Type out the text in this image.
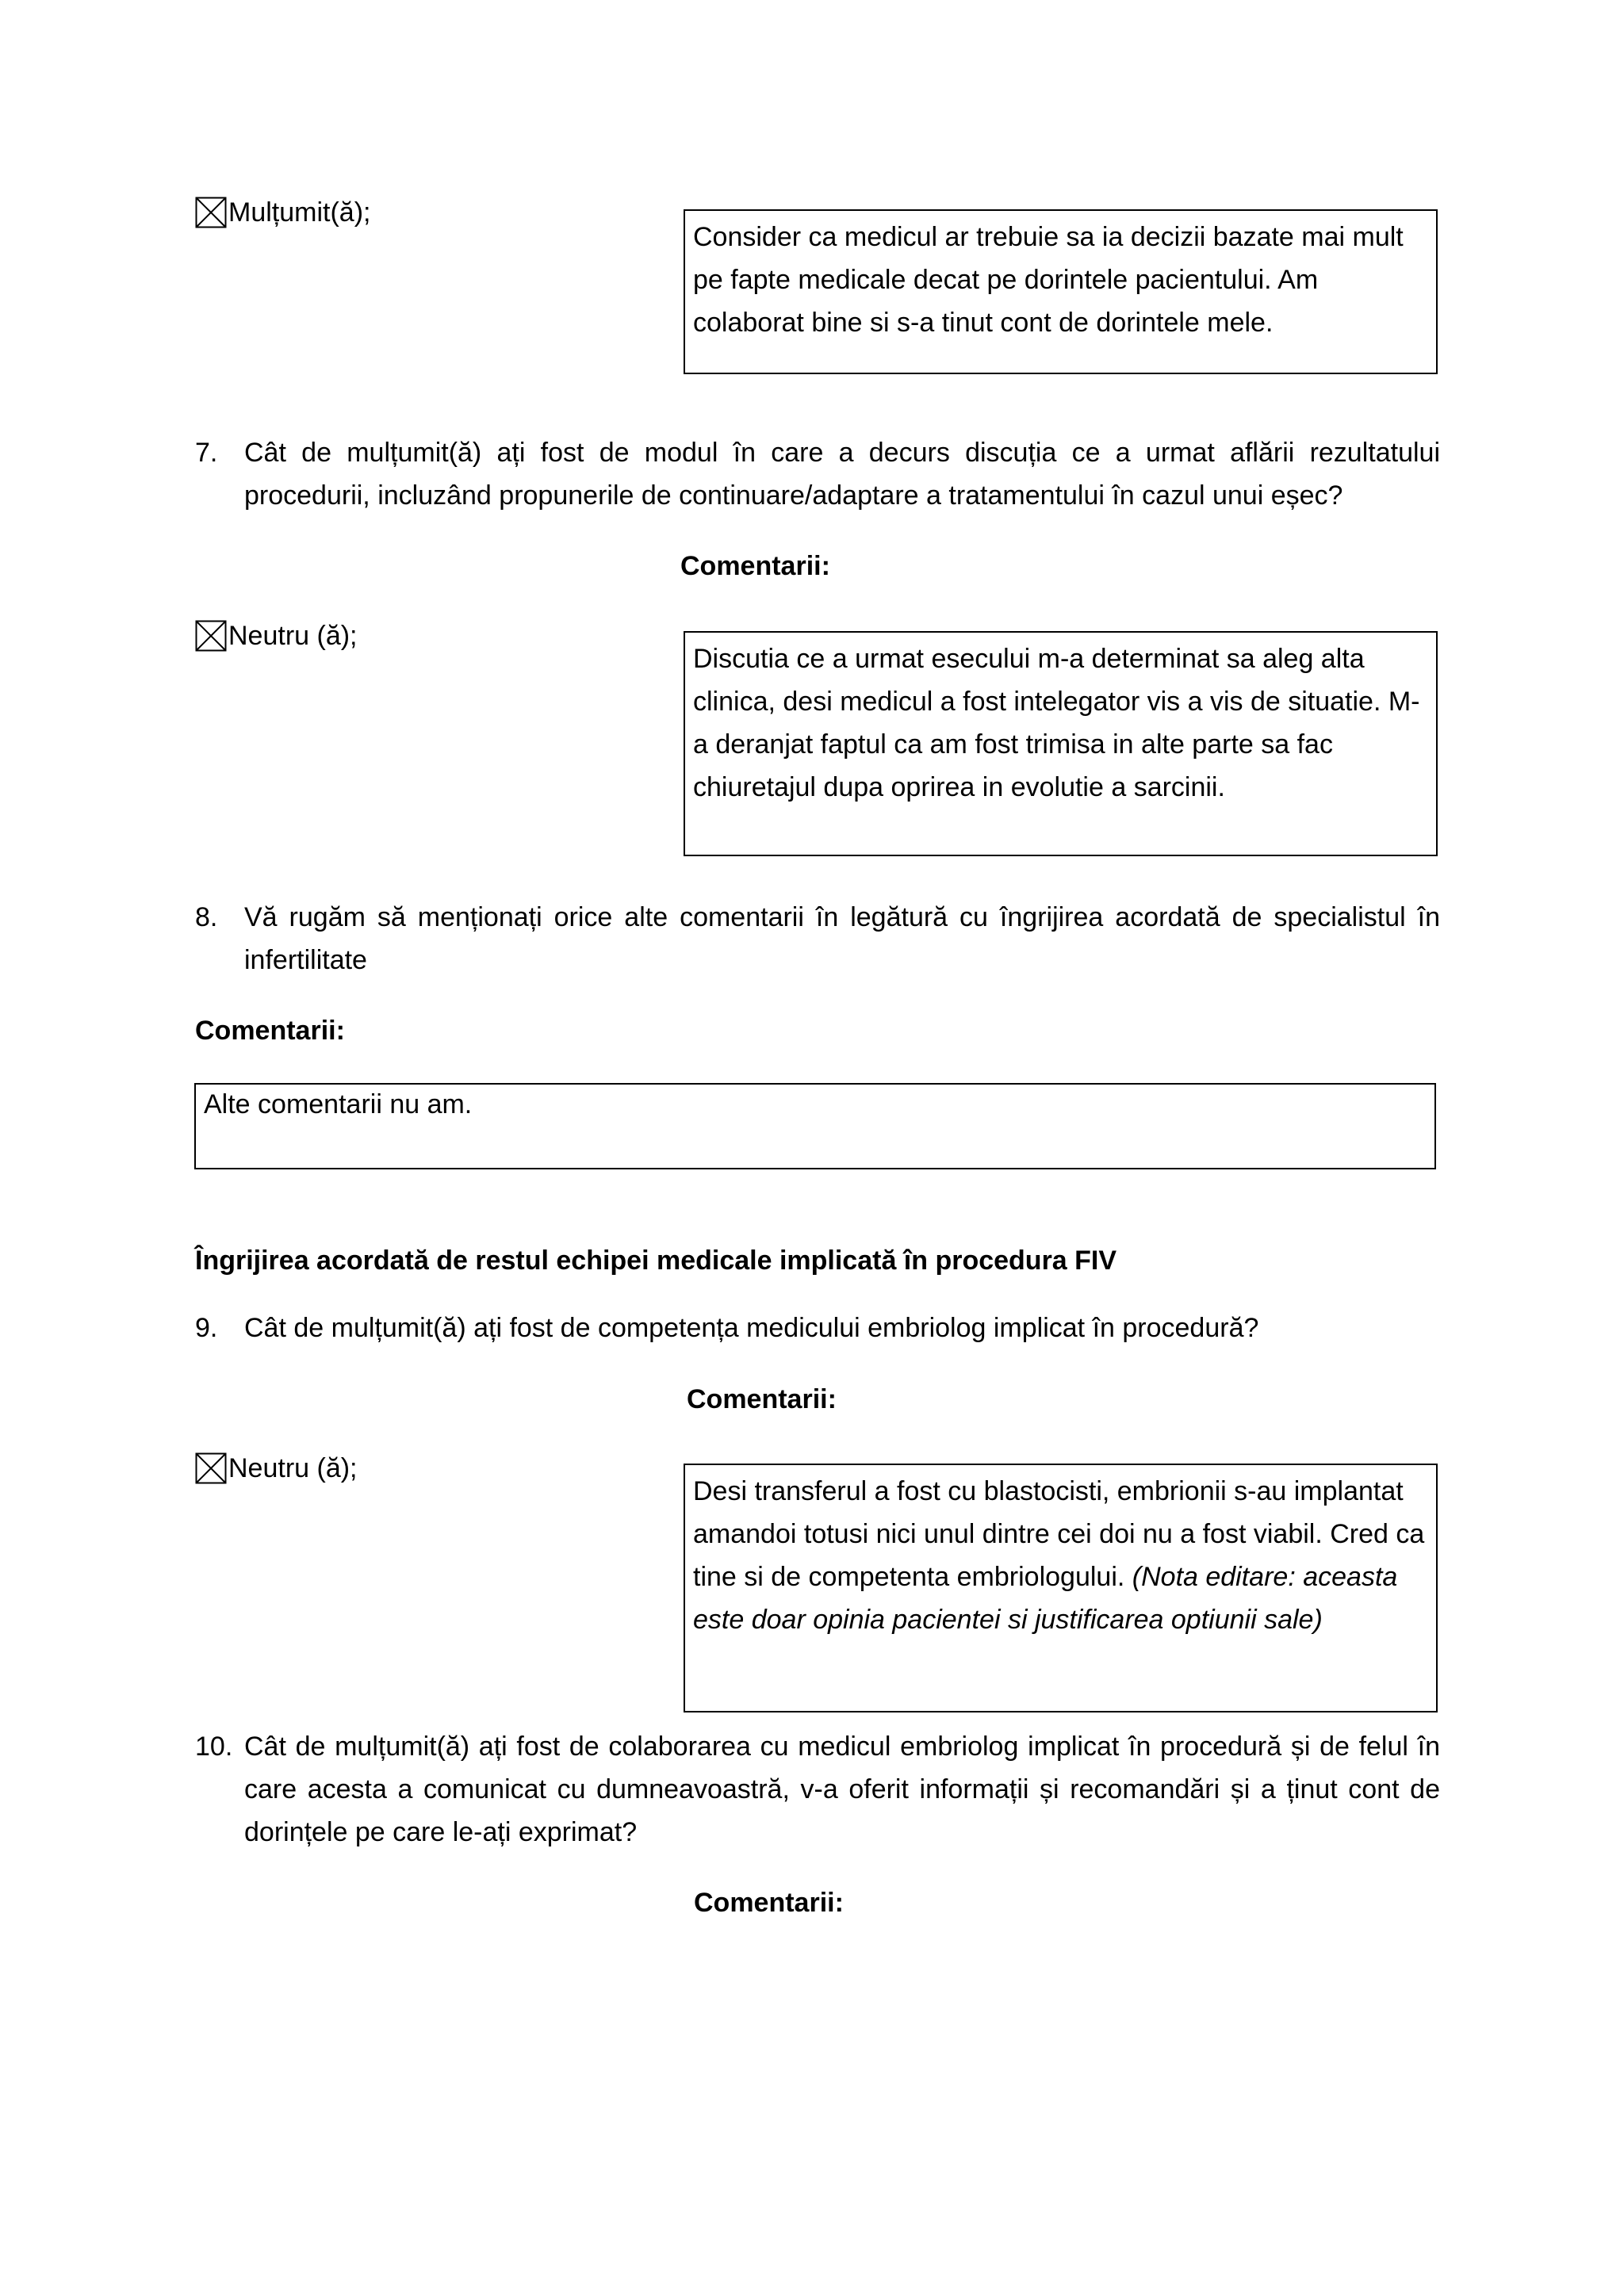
Mulțumit(ă);
Consider ca medicul ar trebuie sa ia decizii bazate mai mult pe fapte medicale decat pe dorintele pacientului. Am colaborat bine si s-a tinut cont de dorintele mele.
7. Cât de mulțumit(ă) ați fost de modul în care a decurs discuția ce a urmat aflării rezultatului procedurii, incluzând propunerile de continuare/adaptare a tratamentului în cazul unui eșec?
Comentarii:
Neutru (ă);
Discutia ce a urmat esecului m-a determinat sa aleg alta clinica, desi medicul a fost intelegator vis a vis de situatie. M-a deranjat faptul ca am fost trimisa in alte parte sa fac chiuretajul dupa oprirea in evolutie a sarcinii.
8. Vă rugăm să menționați orice alte comentarii în legătură cu îngrijirea acordată de specialistul în infertilitate
Comentarii:
Alte comentarii nu am.
Îngrijirea acordată de restul echipei medicale implicată în procedura FIV
9. Cât de mulțumit(ă) ați fost de competența medicului embriolog implicat în procedură?
Comentarii:
Neutru (ă);
Desi transferul a fost cu blastocisti, embrionii s-au implantat amandoi totusi nici unul dintre cei doi nu a fost viabil. Cred ca tine si de competenta embriologului. (Nota editare: aceasta este doar opinia pacientei si justificarea optiunii sale)
10. Cât de mulțumit(ă) ați fost de colaborarea cu medicul embriolog implicat în procedură și de felul în care acesta a comunicat cu dumneavoastră, v-a oferit informații și recomandări și a ținut cont de dorințele pe care le-ați exprimat?
Comentarii:
